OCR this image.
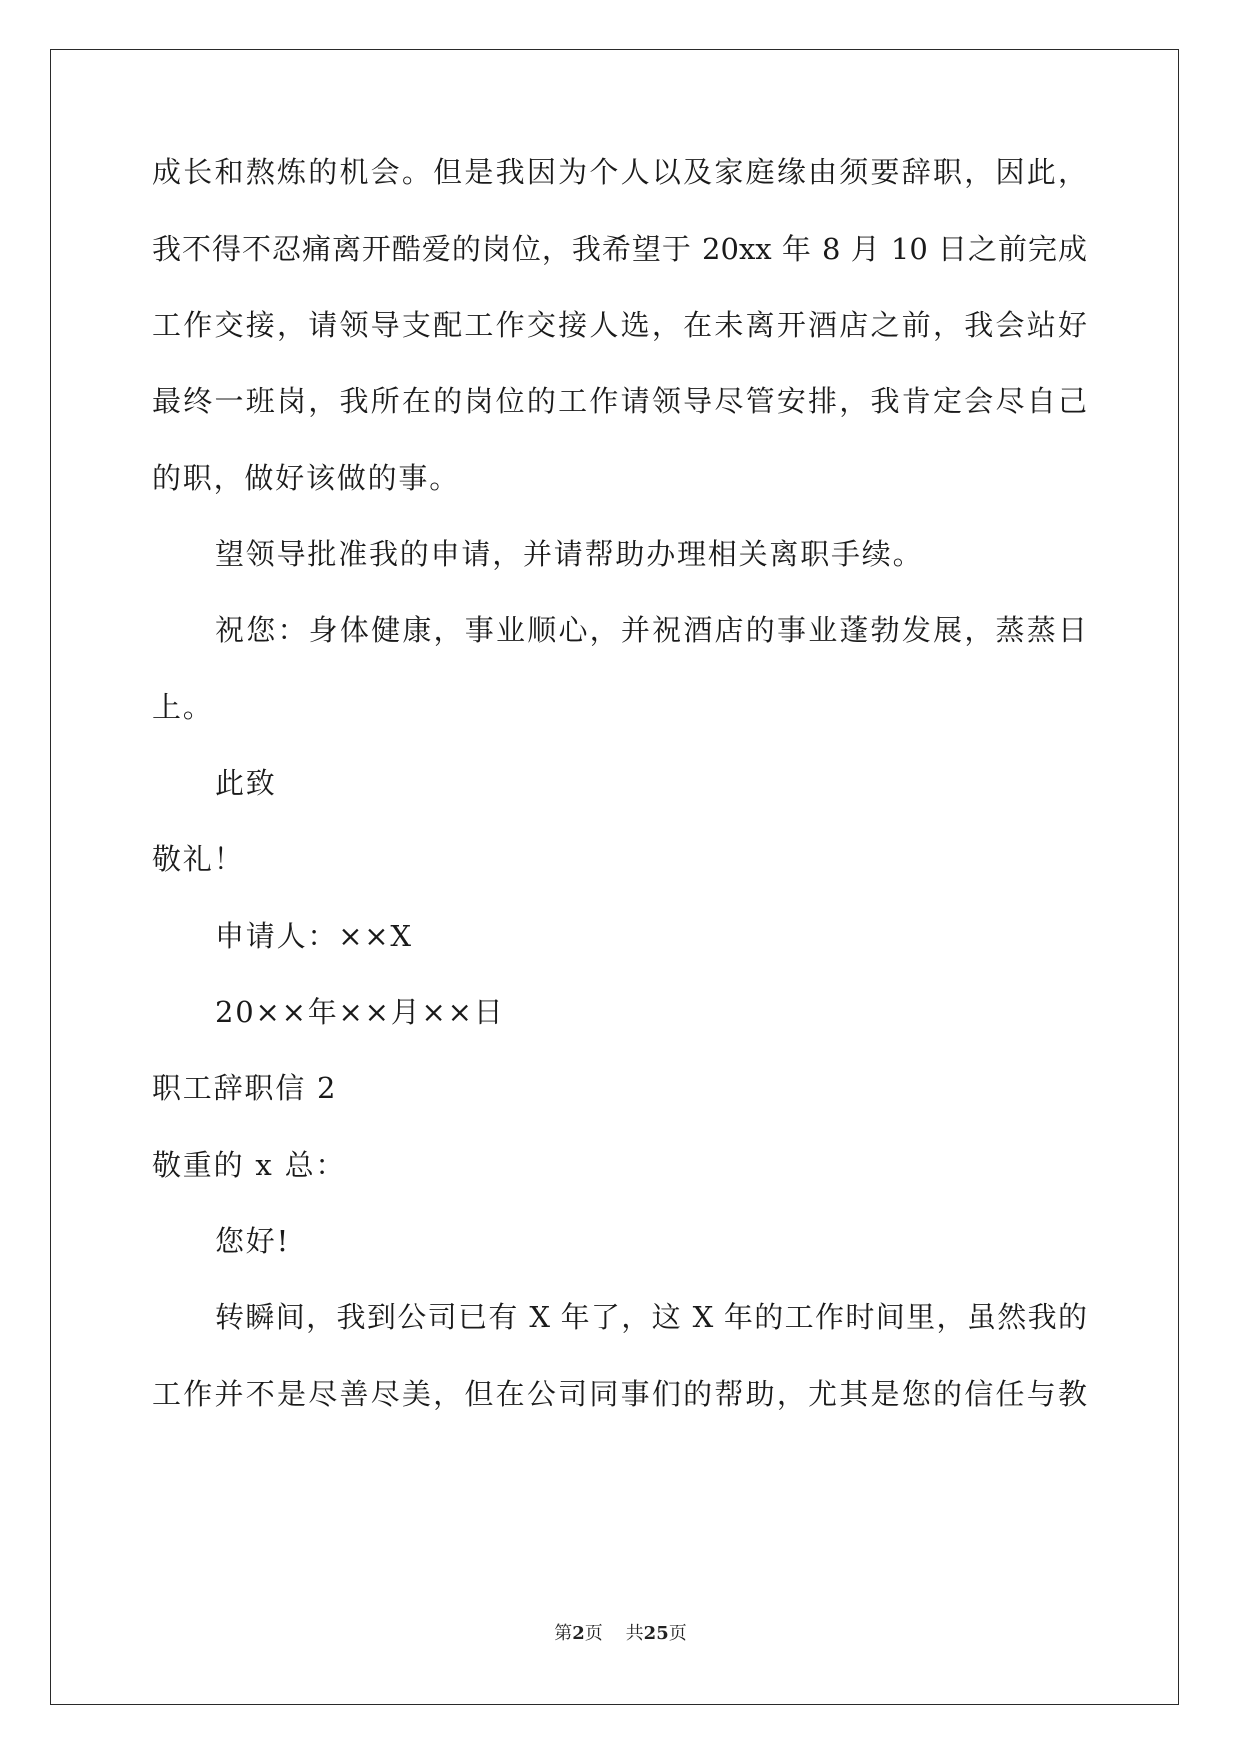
成长和熬炼的机会。但是我因为个人以及家庭缘由须要辞职，因此，
我不得不忍痛离开酷爱的岗位，我希望于 20xx 年 8 月 10 日之前完成
工作交接，请领导支配工作交接人选，在未离开酒店之前，我会站好
最终一班岗，我所在的岗位的工作请领导尽管安排，我肯定会尽自己
的职，做好该做的事。
望领导批准我的申请，并请帮助办理相关离职手续。
祝您：身体健康，事业顺心，并祝酒店的事业蓬勃发展，蒸蒸日
上。
此致
敬礼！
申请人：××X
20××年××月××日
职工辞职信 2
敬重的 x 总：
您好!
转瞬间，我到公司已有 X 年了，这 X 年的工作时间里，虽然我的
工作并不是尽善尽美，但在公司同事们的帮助，尤其是您的信任与教
第2页 共25页
